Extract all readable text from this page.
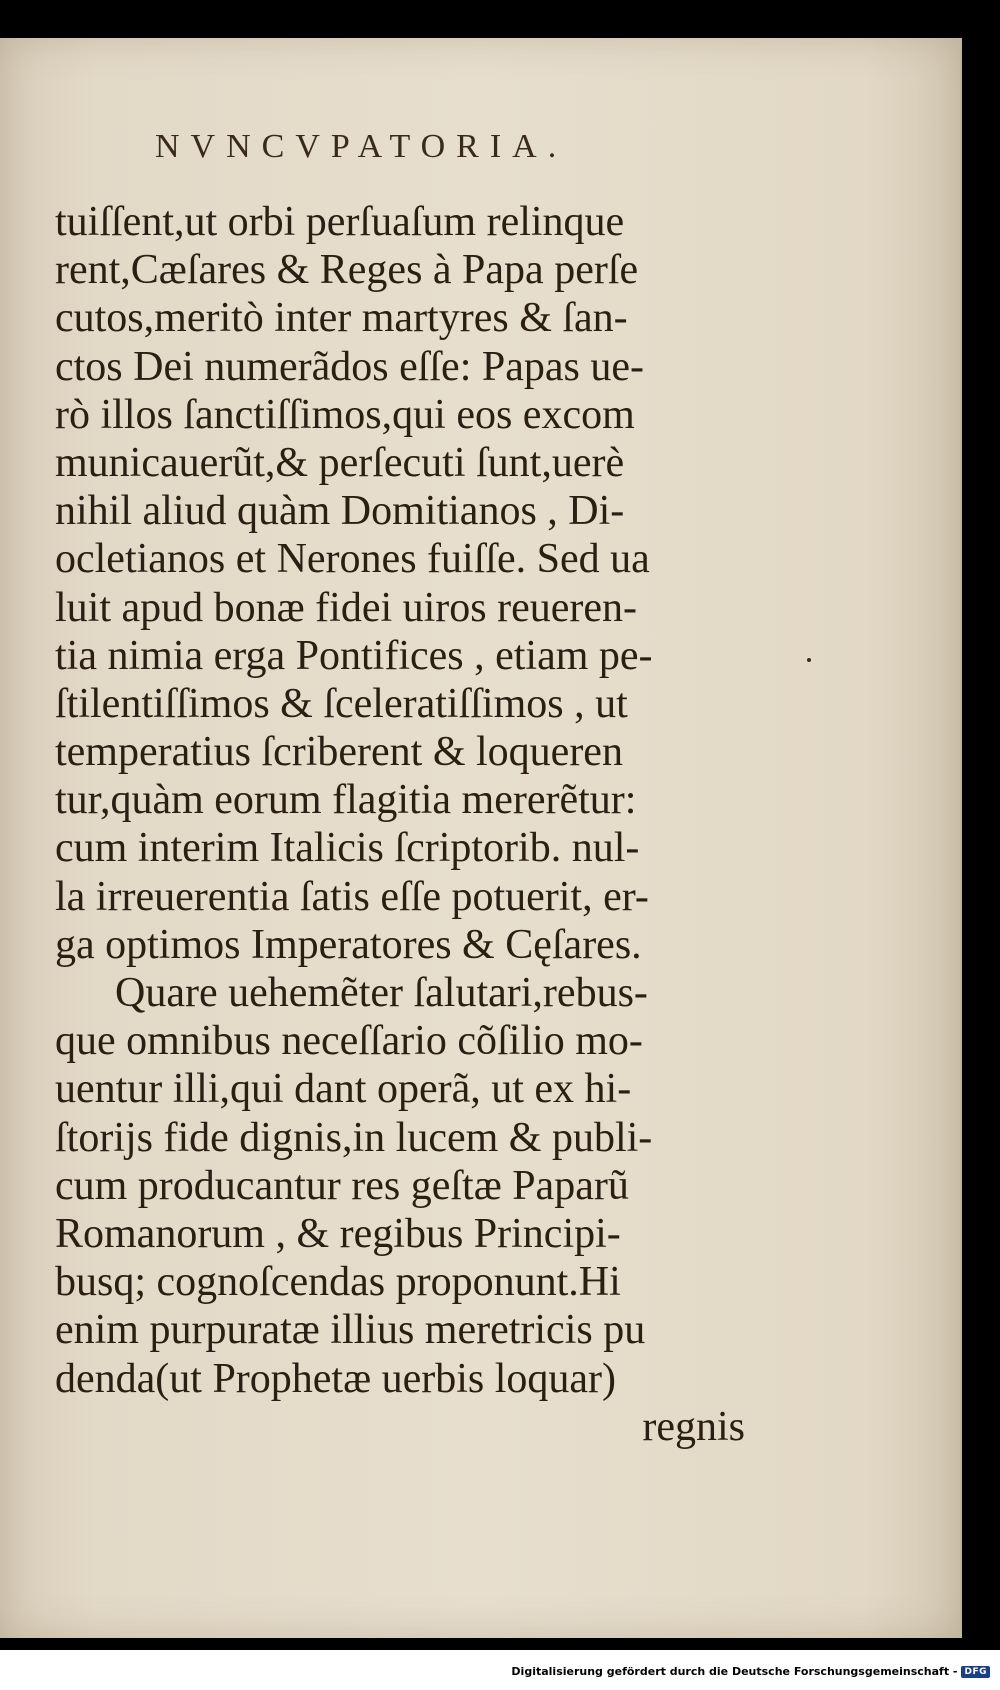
NVNCVPATORIA.
tuiſſent,ut orbi perſuaſum relinque
rent,Cæſares & Reges à Papa perſe
cutos,meritò inter martyres & ſan-
ctos Dei numerãdos eſſe: Papas ue-
rò illos ſanctiſſimos,qui eos excom
municauerũt,& perſecuti ſunt,uerè
nihil aliud quàm Domitianos , Di-
ocletianos et Nerones fuiſſe. Sed ua
luit apud bonæ fidei uiros reueren-
tia nimia erga Pontifices , etiam pe-
ſtilentiſſimos & ſceleratiſſimos , ut
temperatius ſcriberent & loqueren
tur,quàm eorum flagitia mererẽtur:
cum interim Italicis ſcriptorib. nul-
la irreuerentia ſatis eſſe potuerit, er-
ga optimos Imperatores & Cęſares.
Quare uehemẽter ſalutari,rebus-
que omnibus neceſſario cõſilio mo-
uentur illi,qui dant operã, ut ex hi-
ſtorijs fide dignis,in lucem & publi-
cum producantur res geſtæ Paparũ
Romanorum , & regibus Principi-
busq; cognoſcendas proponunt.Hi
enim purpuratæ illius meretricis pu
denda(ut Prophetæ uerbis loquar)
regnis
Digitalisierung gefördert durch die Deutsche Forschungsgemeinschaft - DFG
